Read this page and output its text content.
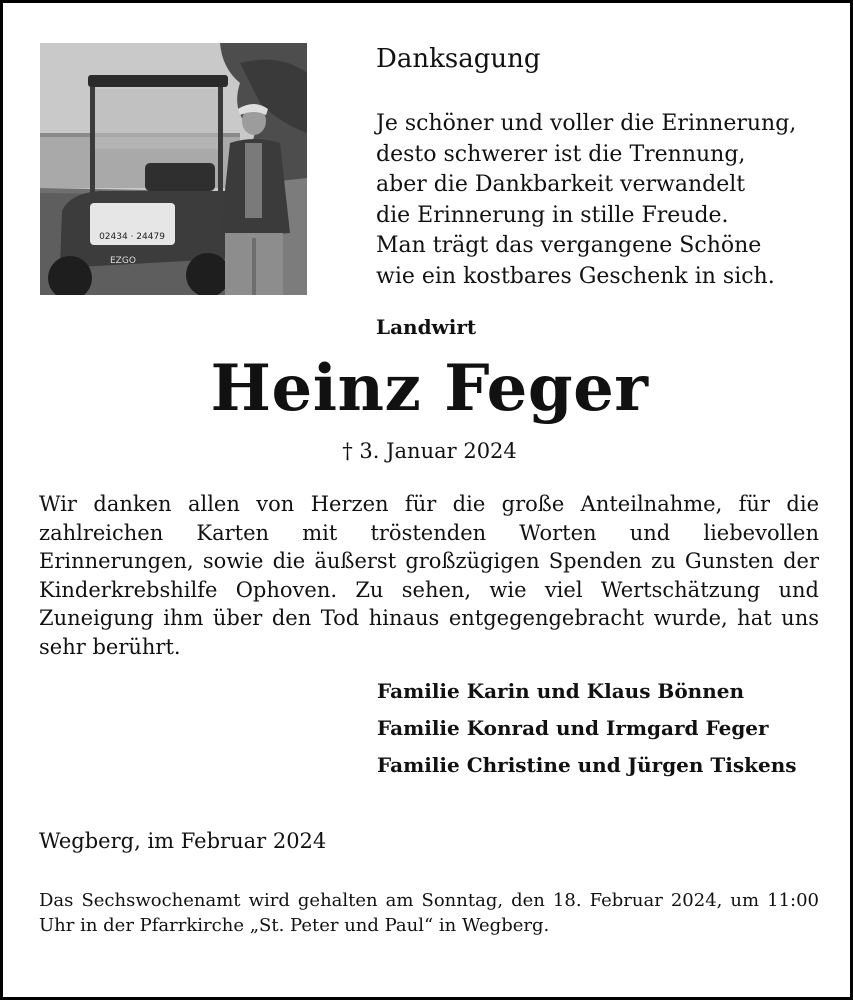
02434 · 24479
EZGO
Danksagung
Je schöner und voller die Erinnerung,
desto schwerer ist die Trennung,
aber die Dankbarkeit verwandelt
die Erinnerung in stille Freude.
Man trägt das vergangene Schöne
wie ein kostbares Geschenk in sich.
Landwirt
Heinz Feger
† 3. Januar 2024
Wir danken allen von Herzen für die große Anteilnahme, für die zahlreichen Karten mit tröstenden Worten und liebevollen Erinnerungen, sowie die äußerst großzügigen Spenden zu Gunsten der Kinderkrebshilfe Ophoven. Zu sehen, wie viel Wertschätzung und Zuneigung ihm über den Tod hinaus entgegengebracht wurde, hat uns sehr berührt.
Familie Karin und Klaus Bönnen
Familie Konrad und Irmgard Feger
Familie Christine und Jürgen Tiskens
Wegberg, im Februar 2024
Das Sechswochenamt wird gehalten am Sonntag, den 18. Februar 2024, um 11:00 Uhr in der Pfarrkirche „St. Peter und Paul“ in Wegberg.
